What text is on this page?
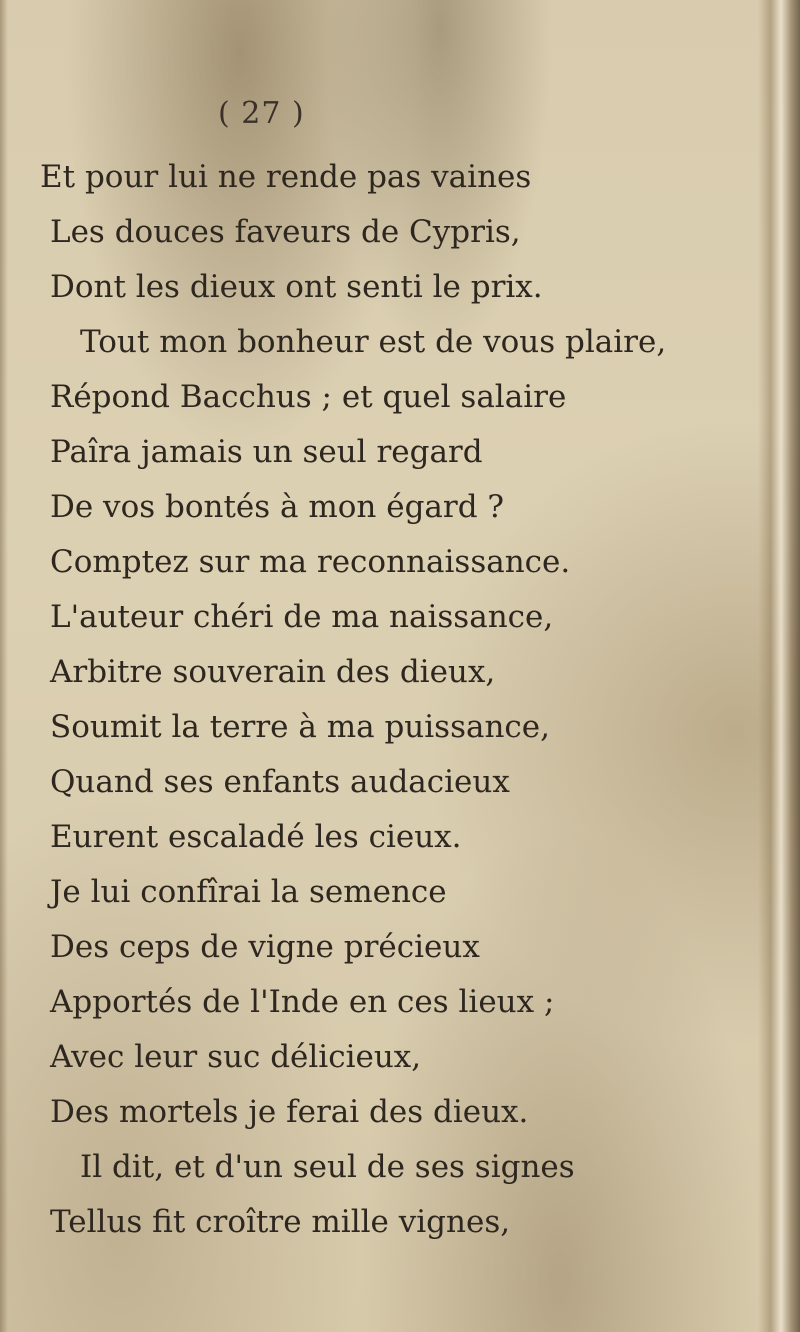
( 27 )
Et pour lui ne rende pas vaines
Les douces faveurs de Cypris,
Dont les dieux ont senti le prix.
Tout mon bonheur est de vous plaire,
Répond Bacchus ; et quel salaire
Paîra jamais un seul regard
De vos bontés à mon égard ?
Comptez sur ma reconnaissance.
L'auteur chéri de ma naissance,
Arbitre souverain des dieux,
Soumit la terre à ma puissance,
Quand ses enfants audacieux
Eurent escaladé les cieux.
Je lui confîrai la semence
Des ceps de vigne précieux
Apportés de l'Inde en ces lieux ;
Avec leur suc délicieux,
Des mortels je ferai des dieux.
Il dit, et d'un seul de ses signes
Tellus fit croître mille vignes,
